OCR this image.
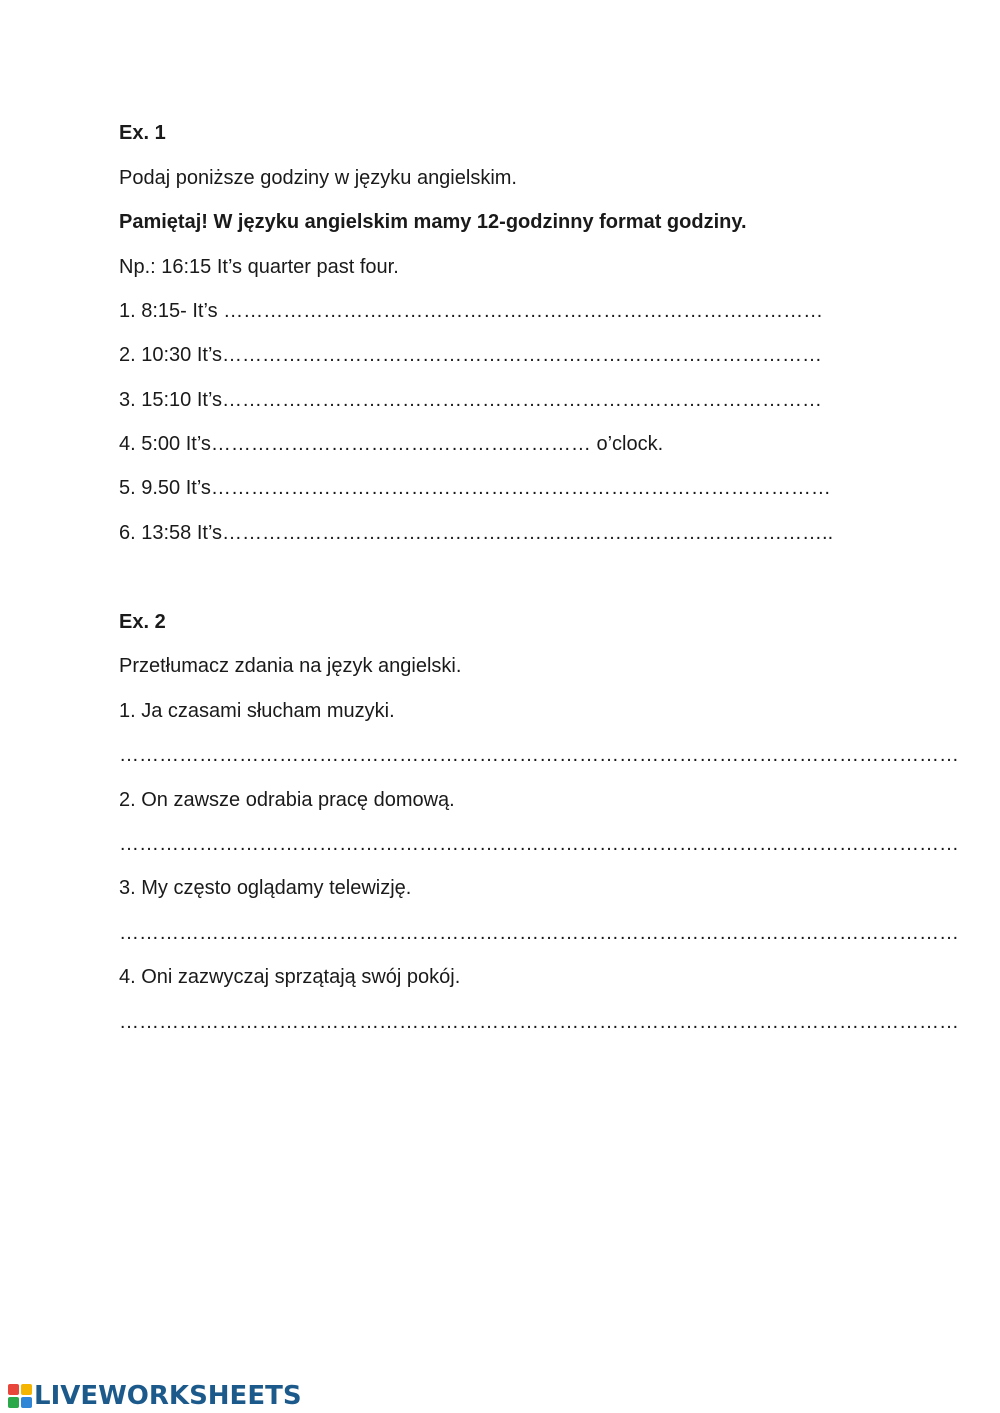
Ex. 1
Podaj poniższe godziny w języku angielskim.
Pamiętaj! W języku angielskim mamy 12-godzinny format godziny.
Np.: 16:15 It’s quarter past four.
1. 8:15- It’s ………………………………………………………………………………
2. 10:30 It’s………………………………………………………………………………
3. 15:10 It’s………………………………………………………………………………
4. 5:00 It’s………………………………………………… o’clock.
5. 9.50 It’s…………………………………………………………………………………
6. 13:58 It’s………………………………………………………………………………..
Ex. 2
Przetłumacz zdania na język angielski.
1. Ja czasami słucham muzyki.
………………………………………………………………………………………………………………
2. On zawsze odrabia pracę domową.
………………………………………………………………………………………………………………
3. My często oglądamy telewizję.
………………………………………………………………………………………………………………
4. Oni zazwyczaj sprzątają swój pokój.
………………………………………………………………………………………………………………
LIVEWORKSHEETS
